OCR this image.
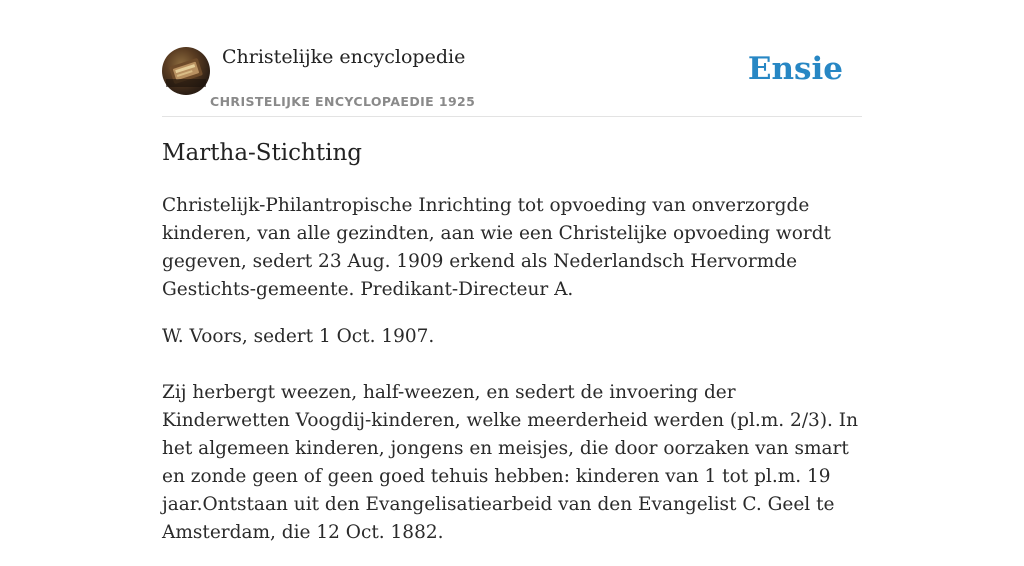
Christelijke encyclopedie
CHRISTELIJKE ENCYCLOPAEDIE 1925
Ensie
Martha-Stichting

Christelijk-Philantropische Inrichting tot opvoeding van onverzorgde kinderen, van alle gezindten, aan wie een Christelijke opvoeding wordt gegeven, sedert 23 Aug. 1909 erkend als Nederlandsch Hervormde Gestichts-gemeente. Predikant-Directeur A.

W. Voors, sedert 1 Oct. 1907.

Zij herbergt weezen, half-weezen, en sedert de invoering der Kinderwetten Voogdij-kinderen, welke meerderheid werden (pl.m. 2/3). In het algemeen kinderen, jongens en meisjes, die door oorzaken van smart en zonde geen of geen goed tehuis hebben: kinderen van 1 tot pl.m. 19 jaar.Ontstaan uit den Evangelisatiearbeid van den Evangelist C. Geel te Amsterdam, die 12 Oct. 1882.
